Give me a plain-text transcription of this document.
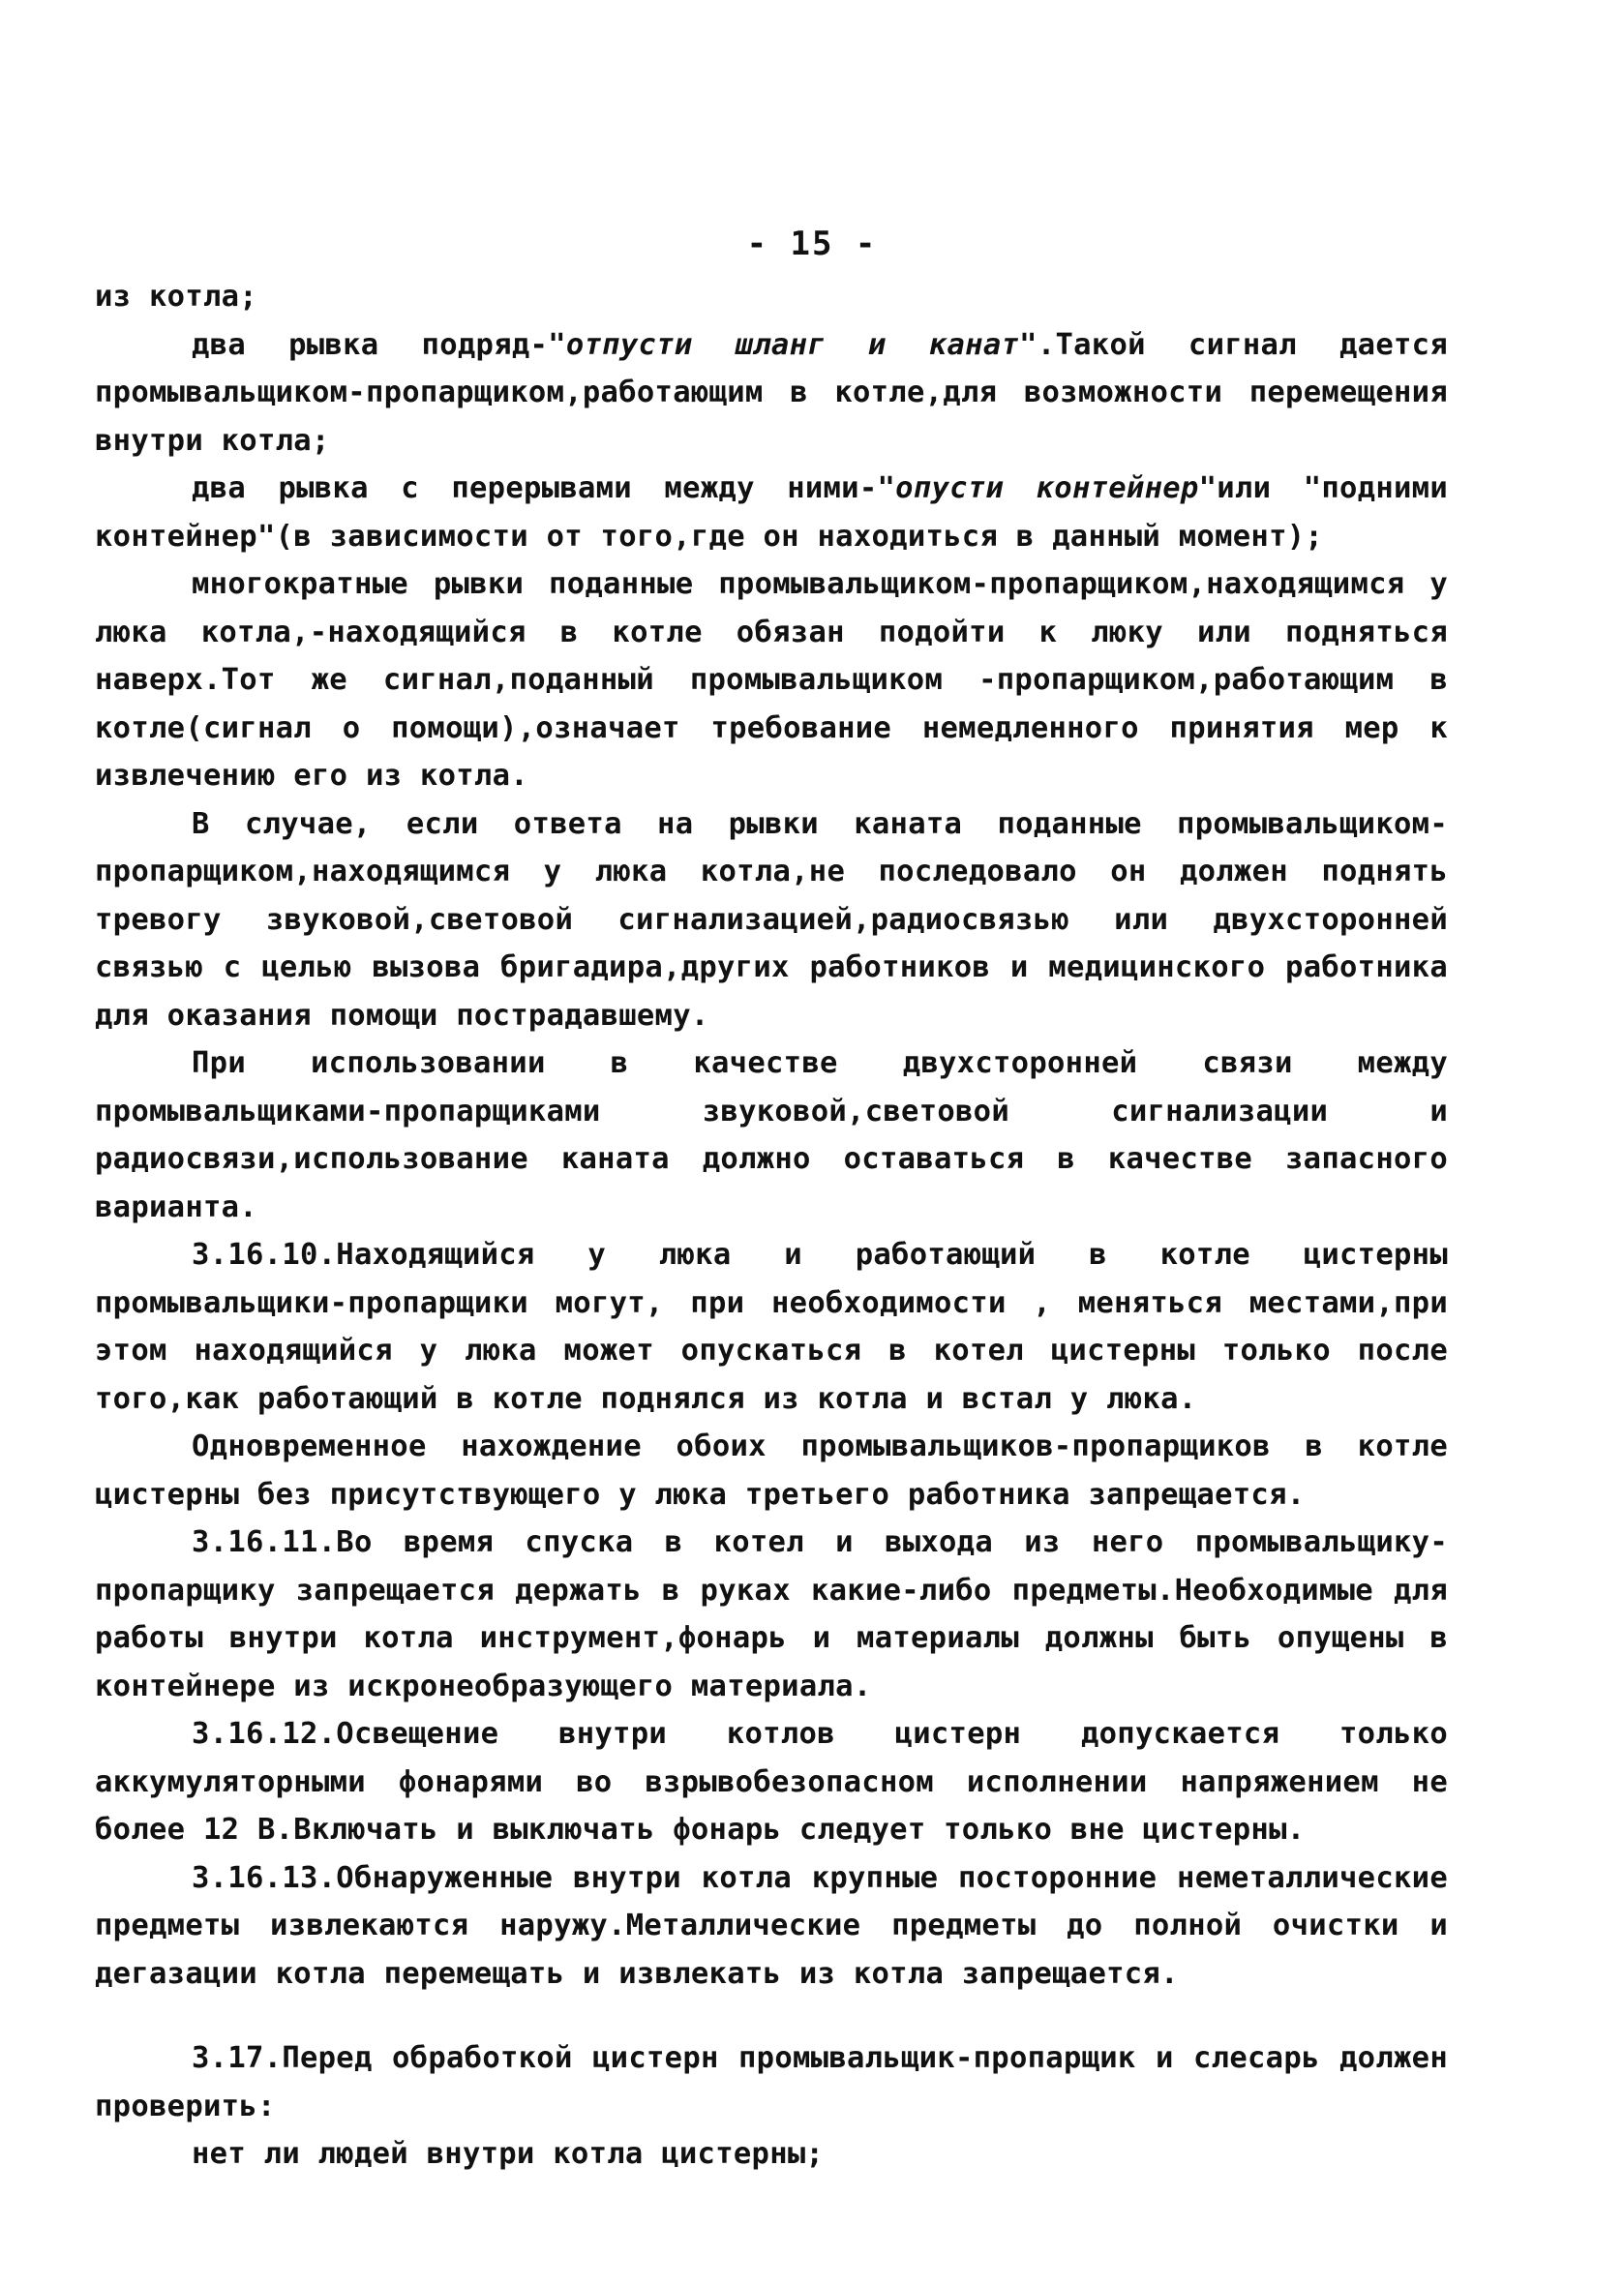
- 15 -

из котла;

два рывка подряд-"отпусти шланг и канат".Такой сигнал дается промывальщиком-пропарщиком,работающим в котле,для возможности перемещения внутри котла;

два рывка с перерывами между ними-"опусти контейнер"или "подними контейнер"(в зависимости от того,где он находиться в данный момент);

многократные рывки поданные промывальщиком-пропарщиком,находящимся у люка котла,-находящийся в котле обязан подойти к люку или подняться наверх.Тот же сигнал,поданный промывальщиком -пропарщиком,работающим в котле(сигнал о помощи),означает требование немедленного принятия мер к извлечению его из котла.

В случае, если ответа на рывки каната поданные промывальщиком-пропарщиком,находящимся у люка котла,не последовало он должен поднять тревогу звуковой,световой сигнализацией,радиосвязью или двухсторонней связью с целью вызова бригадира,других работников и медицинского работника для оказания помощи пострадавшему.

При использовании в качестве двухсторонней связи между промывальщиками-пропарщиками звуковой,световой сигнализации и радиосвязи,использование каната должно оставаться в качестве запасного варианта.

3.16.10.Находящийся у люка и работающий в котле цистерны промывальщики-пропарщики могут, при необходимости , меняться местами,при этом находящийся у люка может опускаться в котел цистерны только после того,как работающий в котле поднялся из котла и встал у люка.

Одновременное нахождение обоих промывальщиков-пропарщиков в котле цистерны без присутствующего у люка третьего работника запрещается.

3.16.11.Во время спуска в котел и выхода из него промывальщику-пропарщику запрещается держать в руках какие-либо предметы.Необходимые для работы внутри котла инструмент,фонарь и материалы должны быть опущены в контейнере из искронеобразующего материала.

3.16.12.Освещение внутри котлов цистерн допускается только аккумуляторными фонарями во взрывобезопасном исполнении напряжением не более 12 В.Включать и выключать фонарь следует только вне цистерны.

3.16.13.Обнаруженные внутри котла крупные посторонние неметаллические предметы извлекаются наружу.Металлические предметы до полной очистки и дегазации котла перемещать и извлекать из котла запрещается.

3.17.Перед обработкой цистерн промывальщик-пропарщик и слесарь должен проверить:

нет ли людей внутри котла цистерны;
